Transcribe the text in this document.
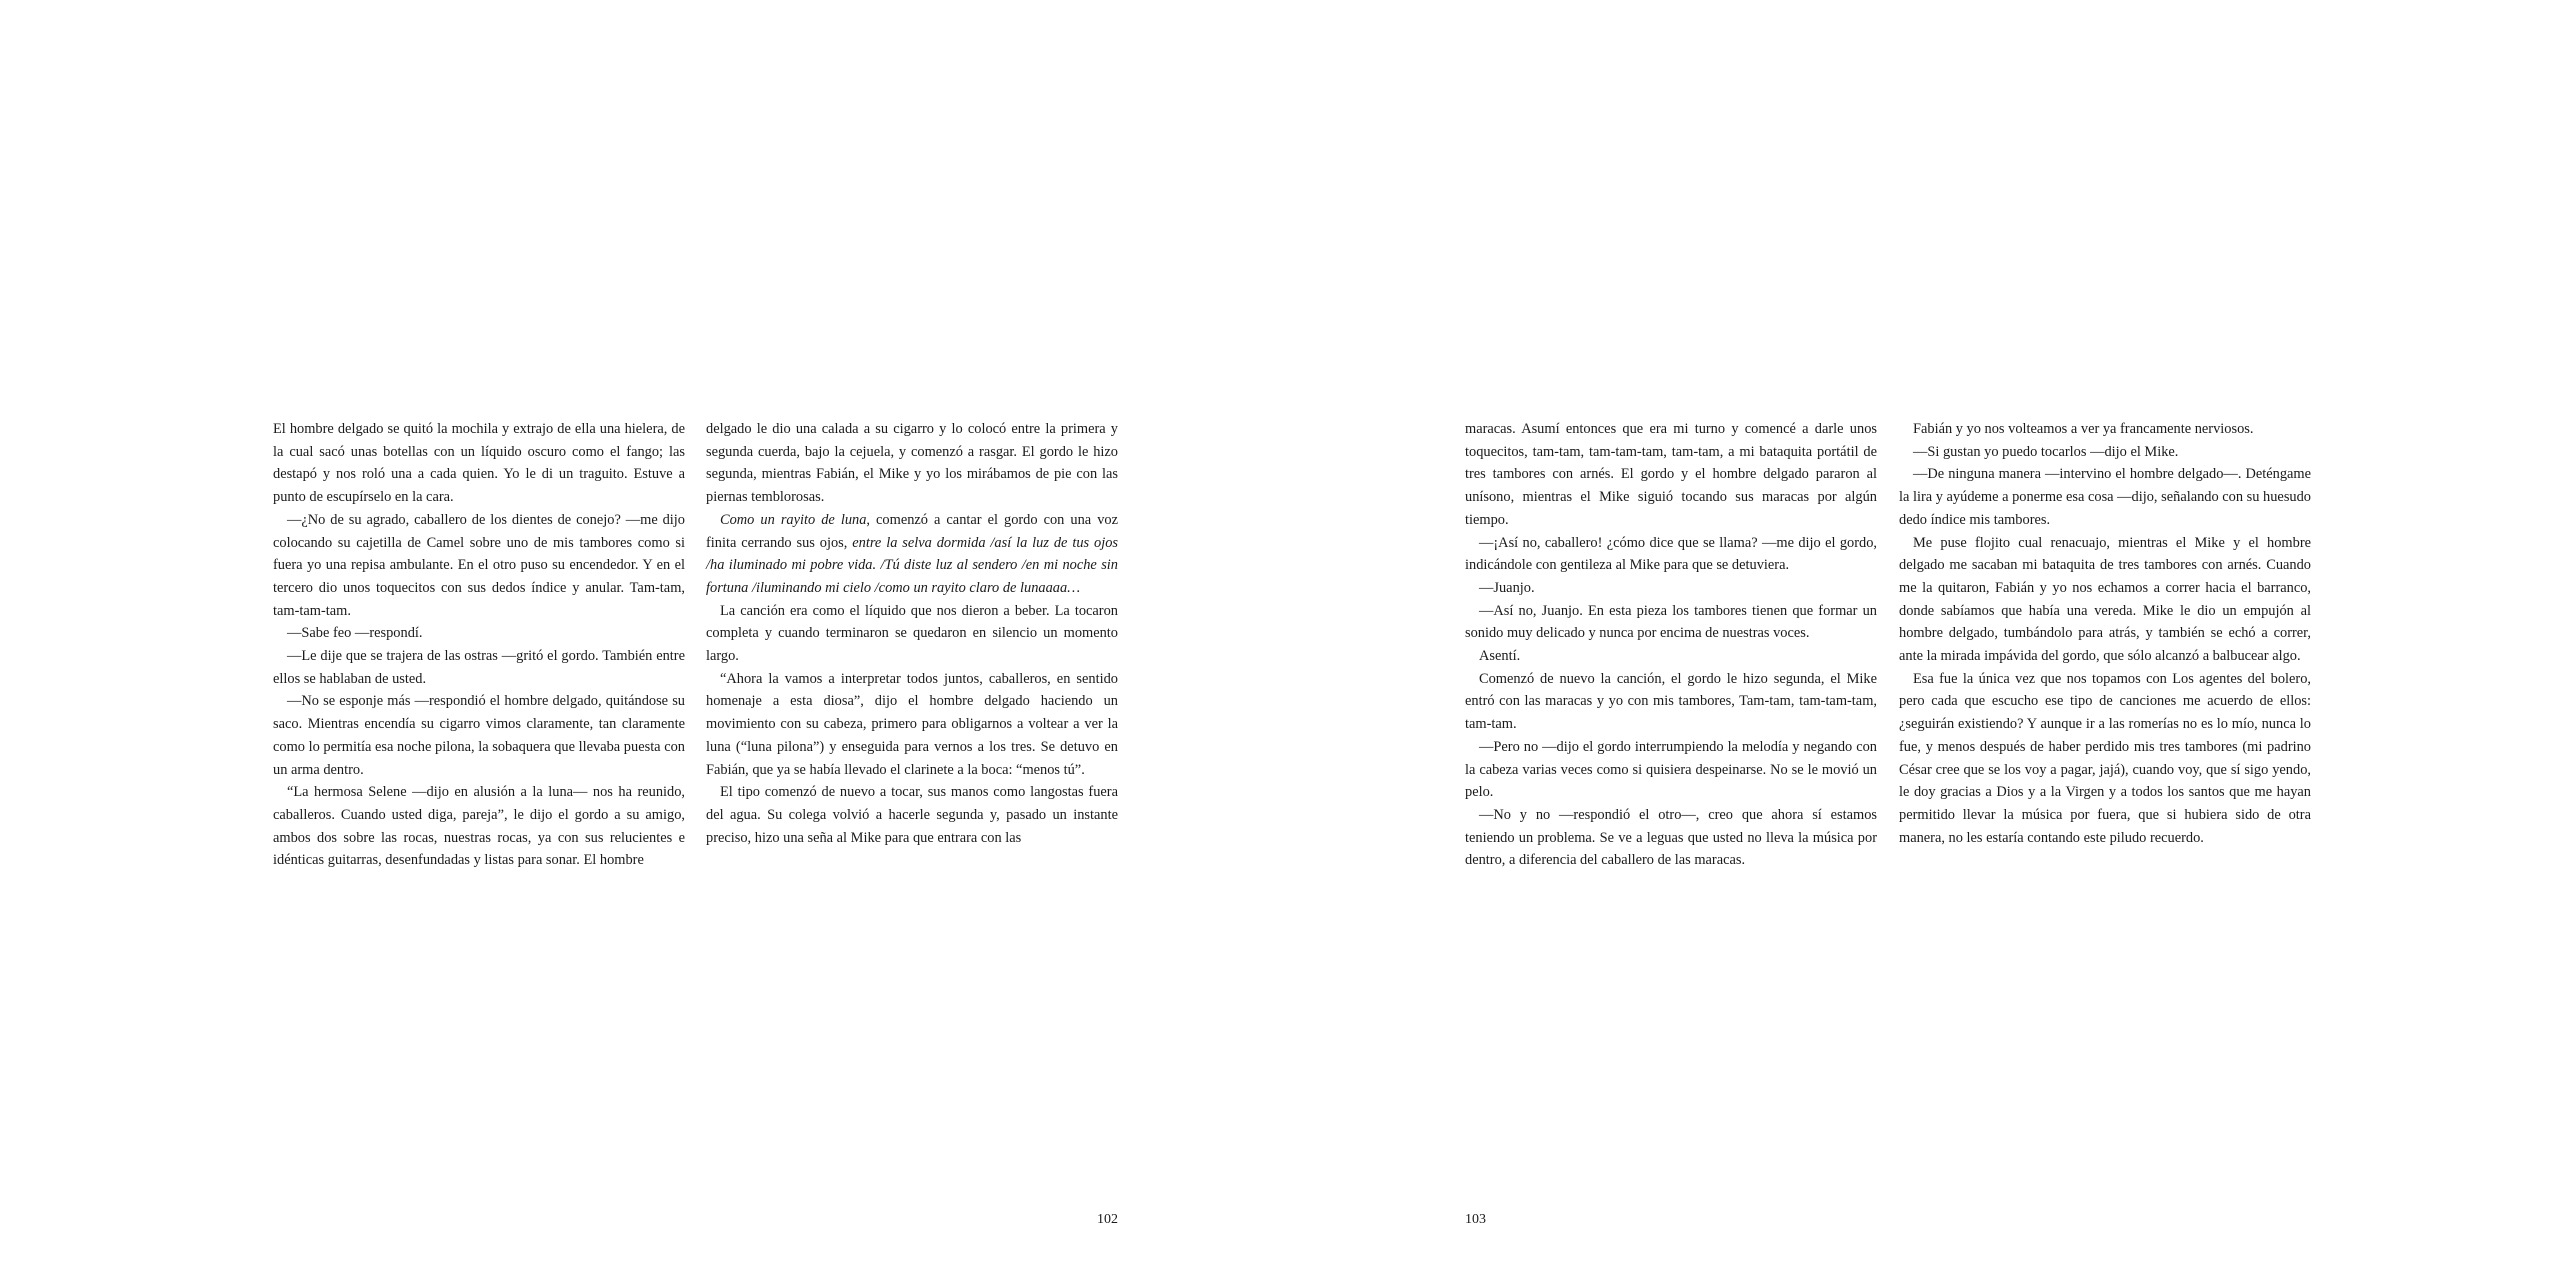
El hombre delgado se quitó la mochila y extrajo de ella una hielera, de la cual sacó unas botellas con un líquido oscuro como el fango; las destapó y nos roló una a cada quien. Yo le di un traguito. Estuve a punto de escupírselo en la cara.

—¿No de su agrado, caballero de los dientes de conejo? —me dijo colocando su cajetilla de Camel sobre uno de mis tambores como si fuera yo una repisa ambulante. En el otro puso su encendedor. Y en el tercero dio unos toquecitos con sus dedos índice y anular. Tam-tam, tam-tam-tam.

—Sabe feo —respondí.

—Le dije que se trajera de las ostras —gritó el gordo. También entre ellos se hablaban de usted.

—No se esponje más —respondió el hombre delgado, quitándose su saco. Mientras encendía su cigarro vimos claramente, tan claramente como lo permitía esa noche pilona, la sobaquera que llevaba puesta con un arma dentro.

“La hermosa Selene —dijo en alusión a la luna— nos ha reunido, caballeros. Cuando usted diga, pareja”, le dijo el gordo a su amigo, ambos dos sobre las rocas, nuestras rocas, ya con sus relucientes e idénticas guitarras, desenfundadas y listas para sonar. El hombre

delgado le dio una calada a su cigarro y lo colocó entre la primera y segunda cuerda, bajo la cejuela, y comenzó a rasgar. El gordo le hizo segunda, mientras Fabián, el Mike y yo los mirábamos de pie con las piernas temblorosas.

Como un rayito de luna, comenzó a cantar el gordo con una voz finita cerrando sus ojos, entre la selva dormida /así la luz de tus ojos /ha iluminado mi pobre vida. /Tú diste luz al sendero /en mi noche sin fortuna /iluminando mi cielo /como un rayito claro de lunaaaa…

La canción era como el líquido que nos dieron a beber. La tocaron completa y cuando terminaron se quedaron en silencio un momento largo.

“Ahora la vamos a interpretar todos juntos, caballeros, en sentido homenaje a esta diosa”, dijo el hombre delgado haciendo un movimiento con su cabeza, primero para obligarnos a voltear a ver la luna (“luna pilona”) y enseguida para vernos a los tres. Se detuvo en Fabián, que ya se había llevado el clarinete a la boca: “menos tú”.

El tipo comenzó de nuevo a tocar, sus manos como langostas fuera del agua. Su colega volvió a hacerle segunda y, pasado un instante preciso, hizo una seña al Mike para que entrara con las

102

maracas. Asumí entonces que era mi turno y comencé a darle unos toquecitos, tam-tam, tam-tam-tam, tam-tam, a mi bataquita portátil de tres tambores con arnés. El gordo y el hombre delgado pararon al unísono, mientras el Mike siguió tocando sus maracas por algún tiempo.

—¡Así no, caballero! ¿cómo dice que se llama? —me dijo el gordo, indicándole con gentileza al Mike para que se detuviera.

—Juanjo.

—Así no, Juanjo. En esta pieza los tambores tienen que formar un sonido muy delicado y nunca por encima de nuestras voces.

Asentí.

Comenzó de nuevo la canción, el gordo le hizo segunda, el Mike entró con las maracas y yo con mis tambores, Tam-tam, tam-tam-tam, tam-tam.

—Pero no —dijo el gordo interrumpiendo la melodía y negando con la cabeza varias veces como si quisiera despeinarse. No se le movió un pelo.

—No y no —respondió el otro—, creo que ahora sí estamos teniendo un problema. Se ve a leguas que usted no lleva la música por dentro, a diferencia del caballero de las maracas.

Fabián y yo nos volteamos a ver ya francamente nerviosos.

—Si gustan yo puedo tocarlos —dijo el Mike.

—De ninguna manera —intervino el hombre delgado—. Deténgame la lira y ayúdeme a ponerme esa cosa —dijo, señalando con su huesudo dedo índice mis tambores.

Me puse flojito cual renacuajo, mientras el Mike y el hombre delgado me sacaban mi bataquita de tres tambores con arnés. Cuando me la quitaron, Fabián y yo nos echamos a correr hacia el barranco, donde sabíamos que había una vereda. Mike le dio un empujón al hombre delgado, tumbándolo para atrás, y también se echó a correr, ante la mirada impávida del gordo, que sólo alcanzó a balbucear algo.

Esa fue la única vez que nos topamos con Los agentes del bolero, pero cada que escucho ese tipo de canciones me acuerdo de ellos: ¿seguirán existiendo? Y aunque ir a las romerías no es lo mío, nunca lo fue, y menos después de haber perdido mis tres tambores (mi padrino César cree que se los voy a pagar, jajá), cuando voy, que sí sigo yendo, le doy gracias a Dios y a la Virgen y a todos los santos que me hayan permitido llevar la música por fuera, que si hubiera sido de otra manera, no les estaría contando este piludo recuerdo.

103
